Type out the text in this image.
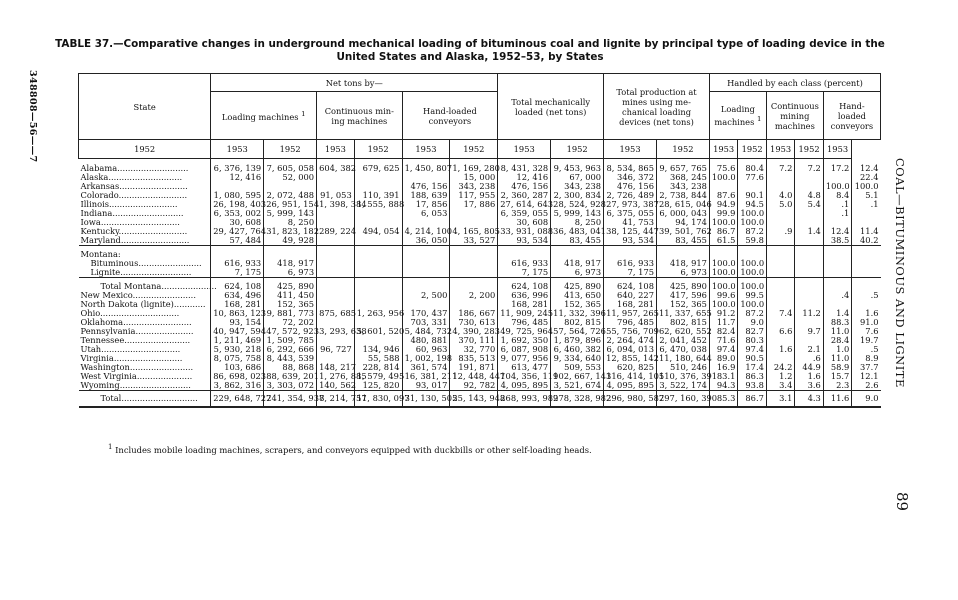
TABLE 37.—Comparative changes in underground mechanical loading of bituminous coal and lignite by principal type of loading device in the United States and Alaska, 1952–53, by States
348808—56——7
COAL—BITUMINOUS AND LIGNITE
89
State	Net tons by—						Total mechanically loaded (net tons)		Total production at mines using me-chanical loading devices (net tons)		Handled by each class (percent)					
	Loading machines $^1$		Continuous min-ing machines		Hand-loaded conveyors						Loading machines $^1$		Continuous mining machines		Hand-loaded conveyors	
1952	1953	1952	1953	1952	1953	1952	1953	1952	1953	1952	1953	1952	1953	1952	1953	
Alabama...........................	6, 376, 139	7, 605, 058	604, 382	679, 625	1, 450, 807	1, 169, 280	8, 431, 328	9, 453, 963	8, 534, 865	9, 657, 765	75.6	80.4	7.2	7.2	17.2	12.4
Alaska............................	12, 416	52, 000				15, 000	12, 416	67, 000	346, 372	368, 245	100.0	77.6				22.4
Arkansas..........................					476, 156	343, 238	476, 156	343, 238	476, 156	343, 238					100.0	100.0
Colorado..........................	1, 080, 595	2, 072, 488	91, 053	110, 391	188, 639	117, 955	2, 360, 287	2, 300, 834	2, 726, 489	2, 738, 844	87.6	90.1	4.0	4.8	8.4	5.1
Illinois..........................	26, 198, 403	26, 951, 154	1, 398, 384	1, 555, 888	17, 856	17, 886	27, 614, 643	28, 524, 928	27, 973, 387	28, 615, 046	94.9	94.5	5.0	5.4	.1	.1
Indiana...........................	6, 353, 002	5, 999, 143			6, 053		6, 359, 055	5, 999, 143	6, 375, 055	6, 000, 043	99.9	100.0			.1	
Iowa..............................	30, 608	8, 250					30, 608	8, 250	41, 753	94, 174	100.0	100.0				
Kentucky..........................	29, 427, 764	31, 823, 182	289, 224	494, 054	4, 214, 100	4, 165, 805	33, 931, 088	36, 483, 041	38, 125, 447	39, 501, 762	86.7	87.2	.9	1.4	12.4	11.4
Maryland..........................	57, 484	49, 928			36, 050	33, 527	93, 534	83, 455	93, 534	83, 455	61.5	59.8			38.5	40.2
Montana:																
Bituminous........................	616, 933	418, 917					616, 933	418, 917	616, 933	418, 917	100.0	100.0				
Lignite...........................	7, 175	6, 973					7, 175	6, 973	7, 175	6, 973	100.0	100.0				
Total Montana.....................	624, 108	425, 890					624, 108	425, 890	624, 108	425, 890	100.0	100.0				
New Mexico........................	634, 496	411, 450			2, 500	2, 200	636, 996	413, 650	640, 227	417, 596	99.6	99.5			.4	.5
North Dakota (lignite)............	168, 281	152, 365					168, 281	152, 365	168, 281	152, 365	100.0	100.0				
Ohio..............................	10, 863, 123	9, 881, 773	875, 685	1, 263, 956	170, 437	186, 667	11, 909, 245	11, 332, 396	11, 957, 265	11, 337, 655	91.2	87.2	7.4	11.2	1.4	1.6
Oklahoma..........................	93, 154	72, 202			703, 331	730, 613	796, 485	802, 815	796, 485	802, 815	11.7	9.0			88.3	91.0
Pennsylvania......................	40, 947, 594	47, 572, 923	3, 293, 638	5, 601, 520	5, 484, 732	4, 390, 283	49, 725, 964	57, 564, 726	55, 756, 709	62, 620, 552	82.4	82.7	6.6	9.7	11.0	7.6
Tennessee.........................	1, 211, 469	1, 509, 785			480, 881	370, 111	1, 692, 350	1, 879, 896	2, 264, 474	2, 041, 452	71.6	80.3			28.4	19.7
Utah..............................	5, 930, 218	6, 292, 666	96, 727	134, 946	60, 963	32, 770	6, 087, 908	6, 460, 382	6, 094, 013	6, 470, 038	97.4	97.4	1.6	2.1	1.0	.5
Virginia..........................	8, 075, 758	8, 443, 539		55, 588	1, 002, 198	835, 513	9, 077, 956	9, 334, 640	12, 855, 142	11, 180, 644	89.0	90.5		.6	11.0	8.9
Washington........................	103, 686	88, 868	148, 217	228, 814	361, 574	191, 871	613, 477	509, 553	620, 825	510, 246	16.9	17.4	24.2	44.9	58.9	37.7
West Virginia.....................	86, 698, 023	88, 639, 201	1, 276, 885	1, 579, 495	16, 381, 211	12, 448, 447	104, 356, 119	102, 667, 143	116, 414, 105	110, 376, 391	83.1	86.3	1.2	1.6	15.7	12.1
Wyoming...........................	3, 862, 316	3, 303, 072	140, 562	125, 820	93, 017	92, 782	4, 095, 895	3, 521, 674	4, 095, 895	3, 522, 174	94.3	93.8	3.4	3.6	2.3	2.6
Total.............................	229, 648, 727	241, 354, 937	8, 214, 757	11, 830, 097	31, 130, 505	25, 143, 948	268, 993, 989	278, 328, 982	296, 980, 587	297, 160, 390	85.3	86.7	3.1	4.3	11.6	9.0
$^1$ Includes mobile loading machines, scrapers, and conveyors equipped with duckbills or other self-loading heads.
